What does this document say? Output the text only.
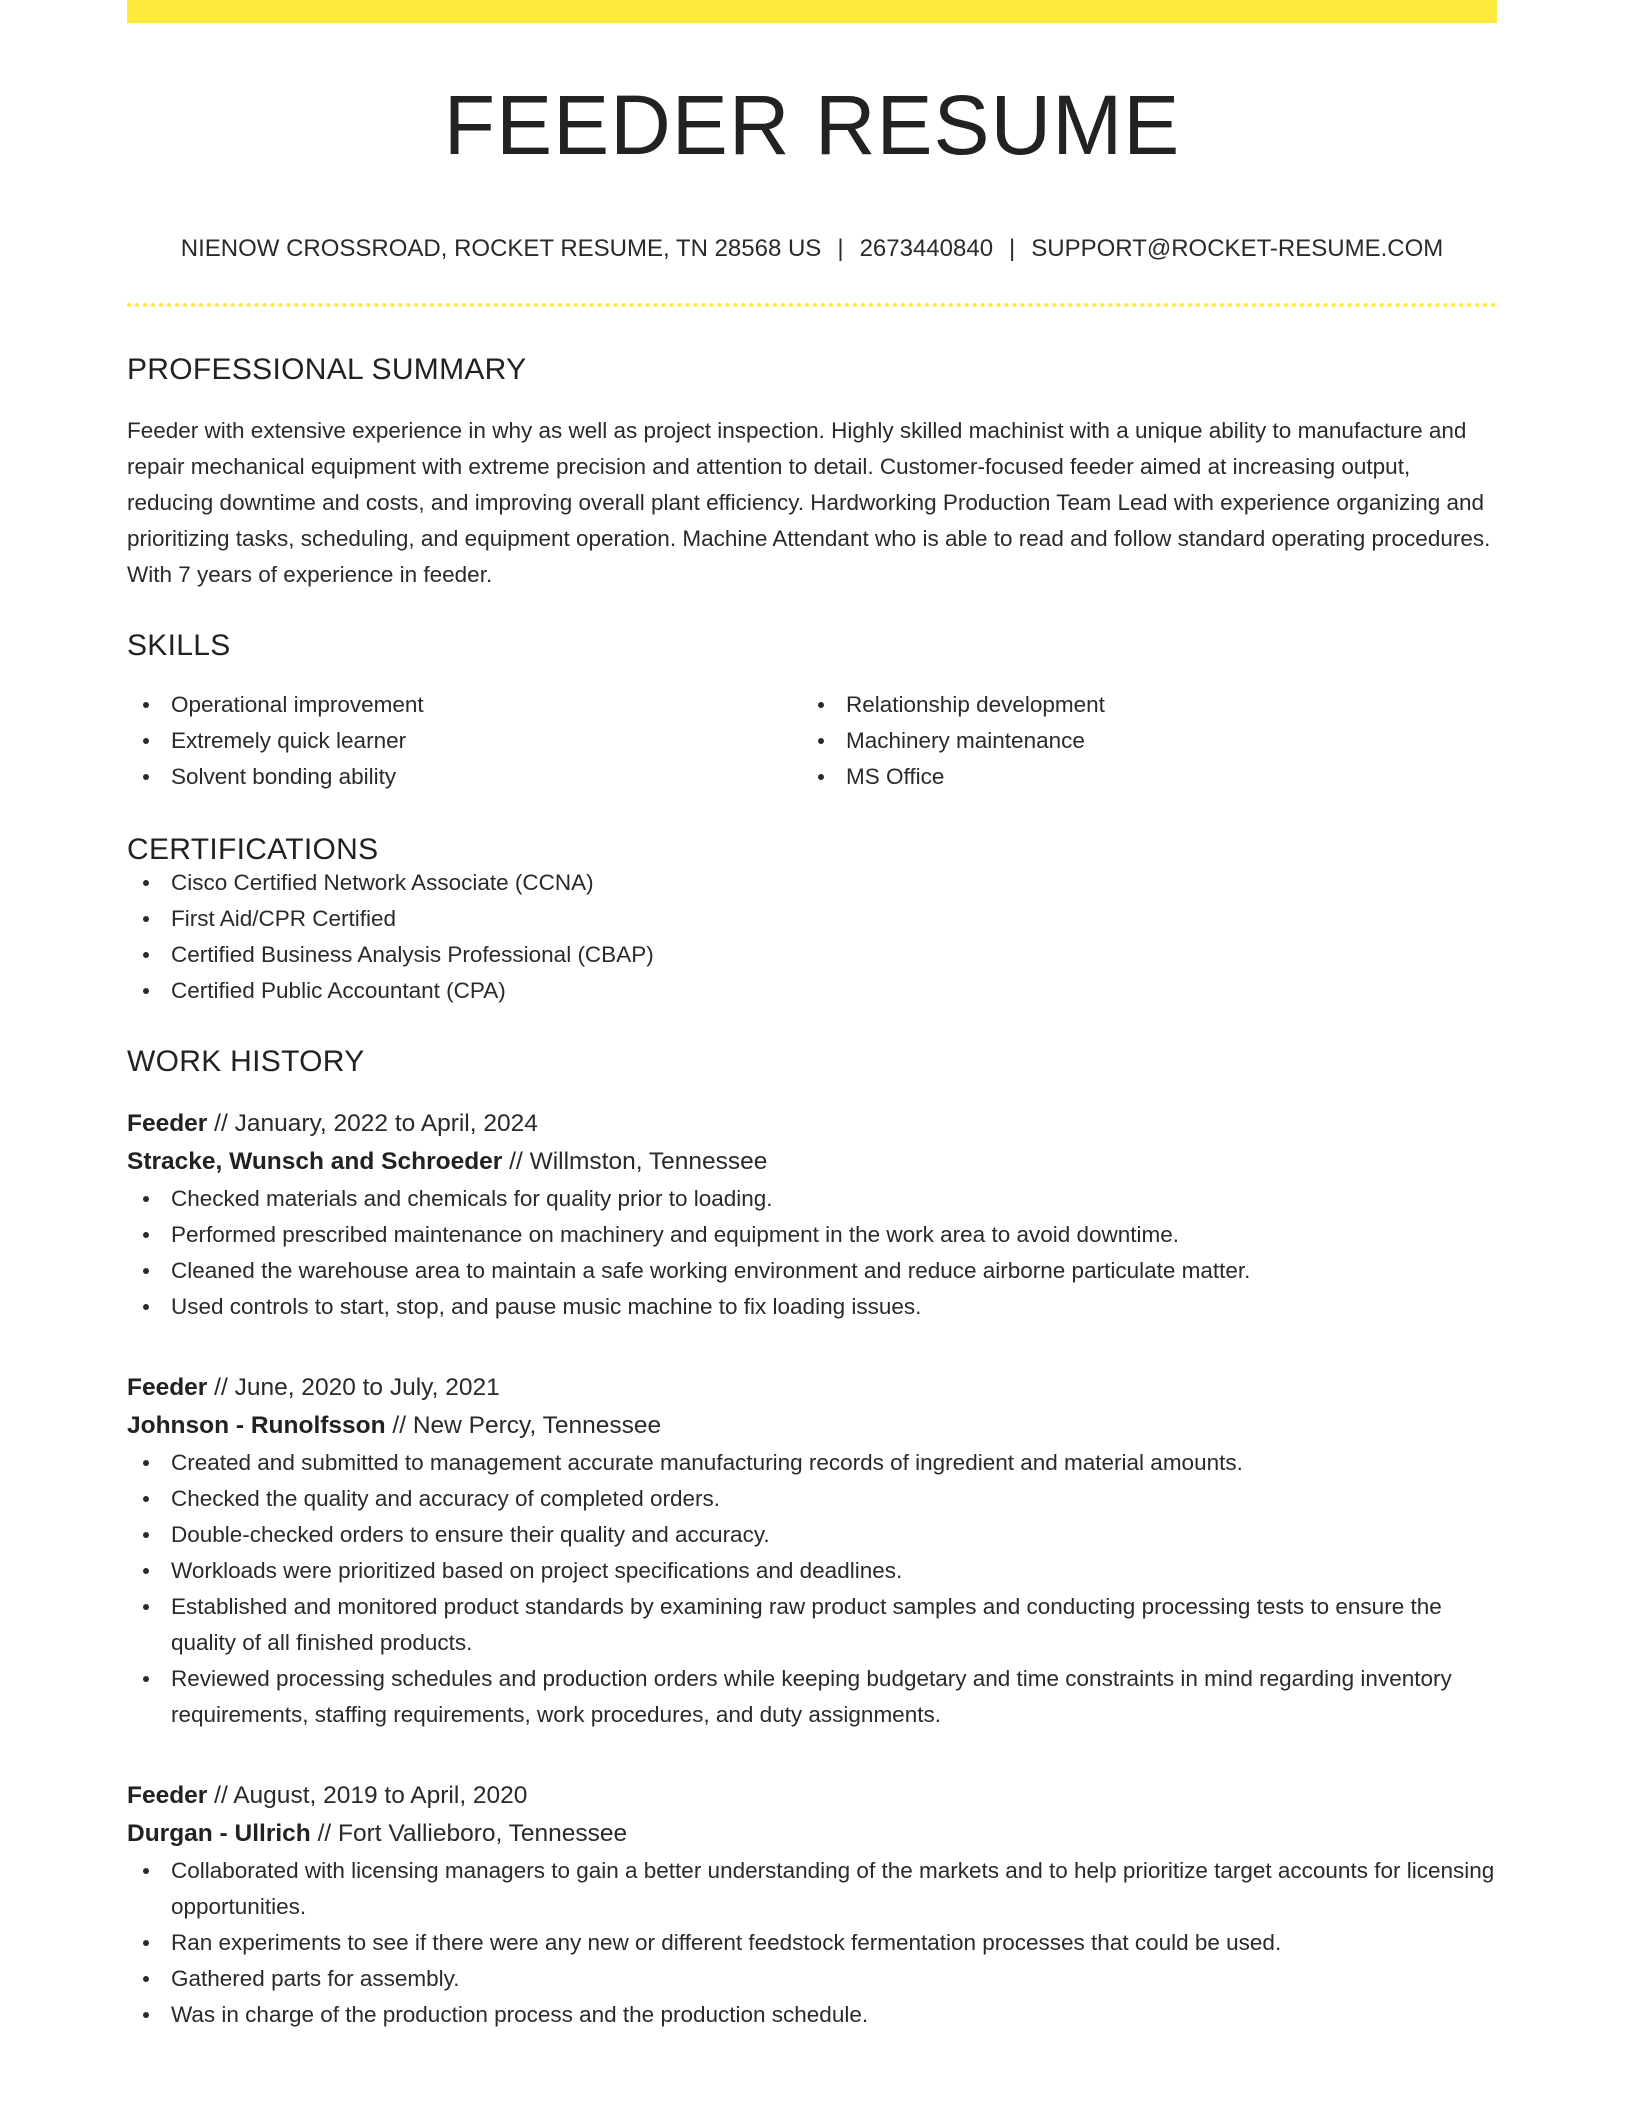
FEEDER RESUME
NIENOW CROSSROAD, ROCKET RESUME, TN 28568 US | 2673440840 | SUPPORT@ROCKET-RESUME.COM
PROFESSIONAL SUMMARY

Feeder with extensive experience in why as well as project inspection. Highly skilled machinist with a unique ability to manufacture and repair mechanical equipment with extreme precision and attention to detail. Customer-focused feeder aimed at increasing output, reducing downtime and costs, and improving overall plant efficiency. Hardworking Production Team Lead with experience organizing and prioritizing tasks, scheduling, and equipment operation. Machine Attendant who is able to read and follow standard operating procedures. With 7 years of experience in feeder.

SKILLS
Operational improvement
Extremely quick learner
Solvent bonding ability
Relationship development
Machinery maintenance
MS Office
CERTIFICATIONS
Cisco Certified Network Associate (CCNA)
First Aid/CPR Certified
Certified Business Analysis Professional (CBAP)
Certified Public Accountant (CPA)
WORK HISTORY
Feeder // January, 2022 to April, 2024
Stracke, Wunsch and Schroeder // Willmston, Tennessee
Checked materials and chemicals for quality prior to loading.
Performed prescribed maintenance on machinery and equipment in the work area to avoid downtime.
Cleaned the warehouse area to maintain a safe working environment and reduce airborne particulate matter.
Used controls to start, stop, and pause music machine to fix loading issues.
Feeder // June, 2020 to July, 2021
Johnson - Runolfsson // New Percy, Tennessee
Created and submitted to management accurate manufacturing records of ingredient and material amounts.
Checked the quality and accuracy of completed orders.
Double-checked orders to ensure their quality and accuracy.
Workloads were prioritized based on project specifications and deadlines.
Established and monitored product standards by examining raw product samples and conducting processing tests to ensure the quality of all finished products.
Reviewed processing schedules and production orders while keeping budgetary and time constraints in mind regarding inventory requirements, staffing requirements, work procedures, and duty assignments.
Feeder // August, 2019 to April, 2020
Durgan - Ullrich // Fort Vallieboro, Tennessee
Collaborated with licensing managers to gain a better understanding of the markets and to help prioritize target accounts for licensing opportunities.
Ran experiments to see if there were any new or different feedstock fermentation processes that could be used.
Gathered parts for assembly.
Was in charge of the production process and the production schedule.
